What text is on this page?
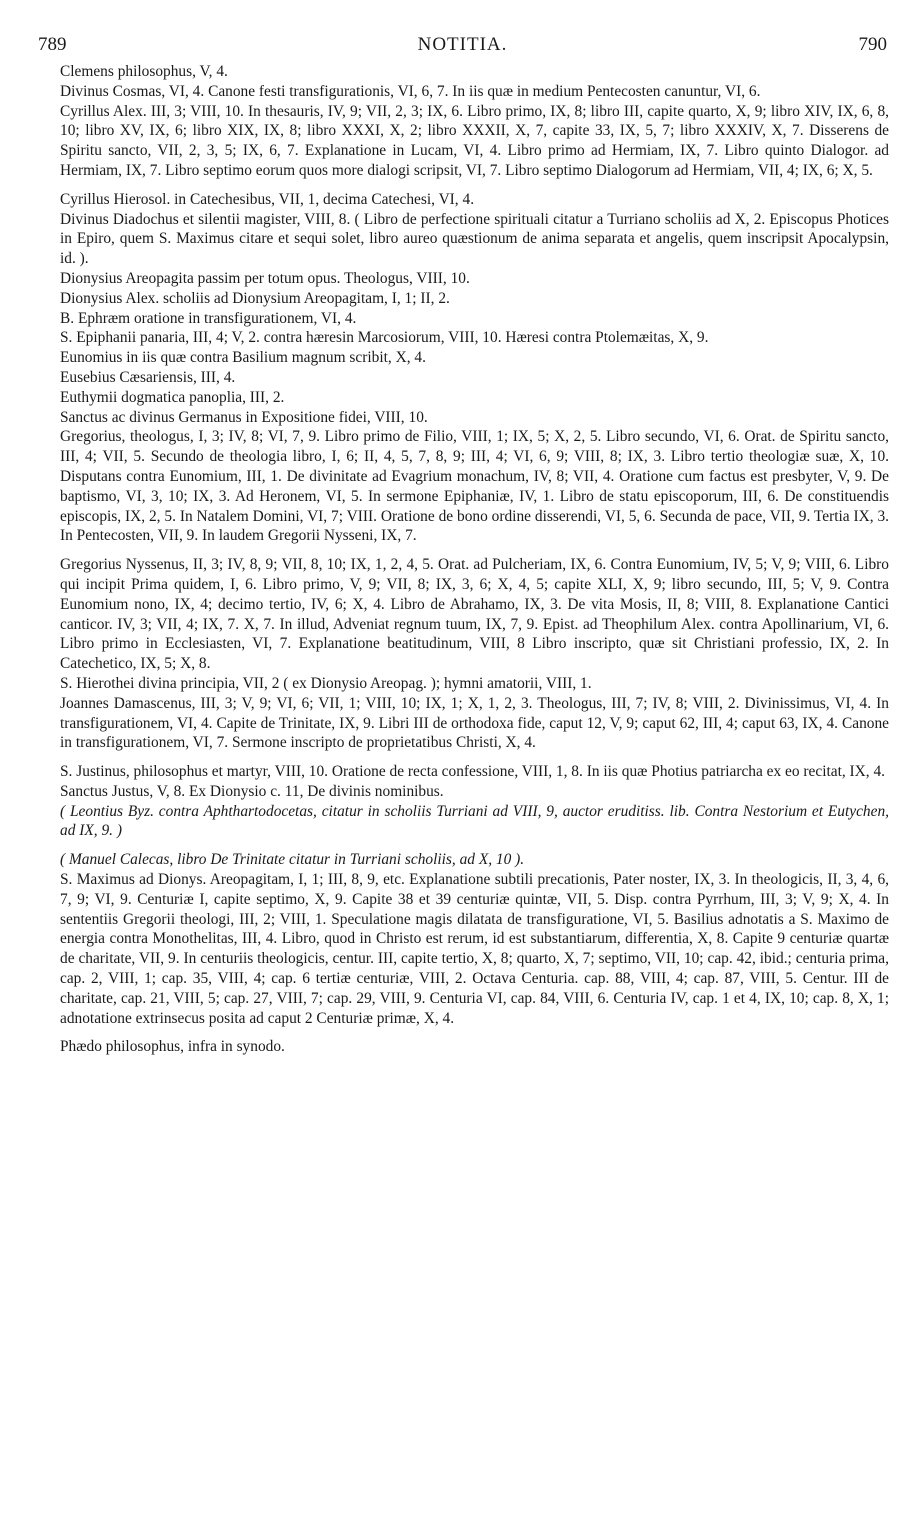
789	NOTITIA.	790

Clemens philosophus, V, 4.

Divinus Cosmas, VI, 4. Canone festi transfigurationis, VI, 6, 7. In iis quæ in medium Pentecosten canuntur, VI, 6.

Cyrillus Alex. III, 3; VIII, 10. In thesauris, IV, 9; VII, 2, 3; IX, 6. Libro primo, IX, 8; libro III, capite quarto, X, 9; libro XIV, IX, 6, 8, 10; libro XV, IX, 6; libro XIX, IX, 8; libro XXXI, X, 2; libro XXXII, X, 7, capite 33, IX, 5, 7; libro XXXIV, X, 7. Disserens de Spiritu sancto, VII, 2, 3, 5; IX, 6, 7. Explanatione in Lucam, VI, 4. Libro primo ad Hermiam, IX, 7. Libro quinto Dialogor. ad Hermiam, IX, 7. Libro septimo eorum quos more dialogi scripsit, VI, 7. Libro septimo Dialogorum ad Hermiam, VII, 4; IX, 6; X, 5.

Cyrillus Hierosol. in Catechesibus, VII, 1, decima Catechesi, VI, 4.

Divinus Diadochus et silentii magister, VIII, 8. ( Libro de perfectione spirituali citatur a Turriano scholiis ad X, 2. Episcopus Photices in Epiro, quem S. Maximus citare et sequi solet, libro aureo quæstionum de anima separata et angelis, quem inscripsit Apocalypsin, id. ).

Dionysius Areopagita passim per totum opus. Theologus, VIII, 10.

Dionysius Alex. scholiis ad Dionysium Areopagitam, I, 1; II, 2.

B. Ephræm oratione in transfigurationem, VI, 4.

S. Epiphanii panaria, III, 4; V, 2. contra hæresin Marcosiorum, VIII, 10. Hæresi contra Ptolemæitas, X, 9.

Eunomius in iis quæ contra Basilium magnum scribit, X, 4.

Eusebius Cæsariensis, III, 4.

Euthymii dogmatica panoplia, III, 2.

Sanctus ac divinus Germanus in Expositione fidei, VIII, 10.

Gregorius, theologus, I, 3; IV, 8; VI, 7, 9. Libro primo de Filio, VIII, 1; IX, 5; X, 2, 5. Libro secundo, VI, 6. Orat. de Spiritu sancto, III, 4; VII, 5. Secundo de theologia libro, I, 6; II, 4, 5, 7, 8, 9; III, 4; VI, 6, 9; VIII, 8; IX, 3. Libro tertio theologiæ suæ, X, 10. Disputans contra Eunomium, III, 1. De divinitate ad Evagrium monachum, IV, 8; VII, 4. Oratione cum factus est presbyter, V, 9. De baptismo, VI, 3, 10; IX, 3. Ad Heronem, VI, 5. In sermone Epiphaniæ, IV, 1. Libro de statu episcoporum, III, 6. De constituendis episcopis, IX, 2, 5. In Natalem Domini, VI, 7; VIII. Oratione de bono ordine disserendi, VI, 5, 6. Secunda de pace, VII, 9. Tertia IX, 3. In Pentecosten, VII, 9. In laudem Gregorii Nysseni, IX, 7.

Gregorius Nyssenus, II, 3; IV, 8, 9; VII, 8, 10; IX, 1, 2, 4, 5. Orat. ad Pulcheriam, IX, 6. Contra Eunomium, IV, 5; V, 9; VIII, 6. Libro qui incipit Prima quidem, I, 6. Libro primo, V, 9; VII, 8; IX, 3, 6; X, 4, 5; capite XLI, X, 9; libro secundo, III, 5; V, 9. Contra Eunomium nono, IX, 4; decimo tertio, IV, 6; X, 4. Libro de Abrahamo, IX, 3. De vita Mosis, II, 8; VIII, 8. Explanatione Cantici canticor. IV, 3; VII, 4; IX, 7. X, 7. In illud, Adveniat regnum tuum, IX, 7, 9. Epist. ad Theophilum Alex. contra Apollinarium, VI, 6. Libro primo in Ecclesiasten, VI, 7. Explanatione beatitudinum, VIII, 8 Libro inscripto, quæ sit Christiani professio, IX, 2. In Catechetico, IX, 5; X, 8.

S. Hierothei divina principia, VII, 2 ( ex Dionysio Areopag. ); hymni amatorii, VIII, 1.

Joannes Damascenus, III, 3; V, 9; VI, 6; VII, 1; VIII, 10; IX, 1; X, 1, 2, 3. Theologus, III, 7; IV, 8; VIII, 2. Divinissimus, VI, 4. In transfigurationem, VI, 4. Capite de Trinitate, IX, 9. Libri III de orthodoxa fide, caput 12, V, 9; caput 62, III, 4; caput 63, IX, 4. Canone in transfigurationem, VI, 7. Sermone inscripto de proprietatibus Christi, X, 4.

S. Justinus, philosophus et martyr, VIII, 10. Oratione de recta confessione, VIII, 1, 8. In iis quæ Photius patriarcha ex eo recitat, IX, 4.

Sanctus Justus, V, 8. Ex Dionysio c. 11, De divinis nominibus.

( Leontius Byz. contra Aphthartodocetas, citatur in scholiis Turriani ad VIII, 9, auctor eruditiss. lib. Contra Nestorium et Eutychen, ad IX, 9. )

( Manuel Calecas, libro De Trinitate citatur in Turriani scholiis, ad X, 10 ).

S. Maximus ad Dionys. Areopagitam, I, 1; III, 8, 9, etc. Explanatione subtili precationis, Pater noster, IX, 3. In theologicis, II, 3, 4, 6, 7, 9; VI, 9. Centuriæ I, capite septimo, X, 9. Capite 38 et 39 centuriæ quintæ, VII, 5. Disp. contra Pyrrhum, III, 3; V, 9; X, 4. In sententiis Gregorii theologi, III, 2; VIII, 1. Speculatione magis dilatata de transfiguratione, VI, 5. Basilius adnotatis a S. Maximo de energia contra Monothelitas, III, 4. Libro, quod in Christo est rerum, id est substantiarum, differentia, X, 8. Capite 9 centuriæ quartæ de charitate, VII, 9. In centuriis theologicis, centur. III, capite tertio, X, 8; quarto, X, 7; septimo, VII, 10; cap. 42, ibid.; centuria prima, cap. 2, VIII, 1; cap. 35, VIII, 4; cap. 6 tertiæ centuriæ, VIII, 2. Octava Centuria. cap. 88, VIII, 4; cap. 87, VIII, 5. Centur. III de charitate, cap. 21, VIII, 5; cap. 27, VIII, 7; cap. 29, VIII, 9. Centuria VI, cap. 84, VIII, 6. Centuria IV, cap. 1 et 4, IX, 10; cap. 8, X, 1; adnotatione extrinsecus posita ad caput 2 Centuriæ primæ, X, 4.

Phædo philosophus, infra in synodo.
